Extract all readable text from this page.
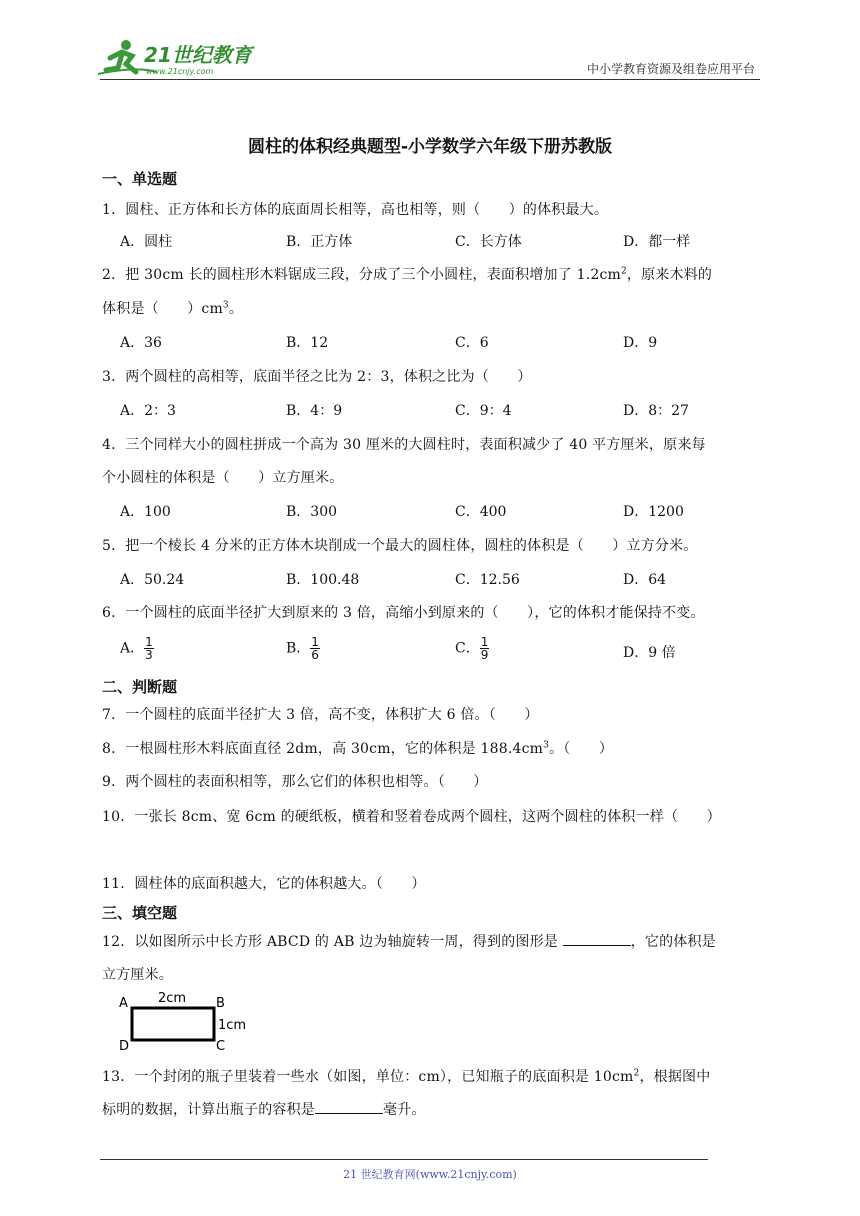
21世纪教育
www.21cnjy.com	中小学教育资源及组卷应用平台
圆柱的体积经典题型-小学数学六年级下册苏教版
一、单选题
1．圆柱、正方体和长方体的底面周长相等，高也相等，则（　　）的体积最大。
A．圆柱	B．正方体	C．长方体	D．都一样
2．把 30cm 长的圆柱形木料锯成三段，分成了三个小圆柱，表面积增加了 $1.2cm^2$，原来木料的
体积是（　　）$cm^3$。
A．36	B．12	C．6	D．9
3．两个圆柱的高相等，底面半径之比为 2：3，体积之比为（　　）
A．2：3	B．4：9	C．9：4	D．8：27
4．三个同样大小的圆柱拼成一个高为 30 厘米的大圆柱时，表面积减少了 40 平方厘米，原来每
个小圆柱的体积是（　　）立方厘米。
A．100	B．300	C．400	D．1200
5．把一个棱长 4 分米的正方体木块削成一个最大的圆柱体，圆柱的体积是（　　）立方分米。
A．50.24	B．100.48	C．12.56	D．64
6．一个圆柱的底面半径扩大到原来的 3 倍，高缩小到原来的（　　），它的体积才能保持不变。
A． $\frac{1}{3}$	B． $\frac{1}{6}$	C． $\frac{1}{9}$	D．9 倍
二、判断题
7．一个圆柱的底面半径扩大 3 倍，高不变，体积扩大 6 倍。（　　）
8．一根圆柱形木料底面直径 2dm，高 30cm，它的体积是 $188.4cm^3$。（　　）
9．两个圆柱的表面积相等，那么它们的体积也相等。（　　）
10．一张长 8cm、宽 6cm 的硬纸板，横着和竖着卷成两个圆柱，这两个圆柱的体积一样（　　）
11．圆柱体的底面积越大，它的体积越大。（　　）
三、填空题
12．以如图所示中长方形 ABCD 的 AB 边为轴旋转一周，得到的图形是	，它的体积是
立方厘米。
A	B
C
D
2cm
1cm
13．一个封闭的瓶子里装着一些水（如图，单位：cm），已知瓶子的底面积是 $10cm^2$，根据图中
标明的数据，计算出瓶子的容积是	毫升。
21 世纪教育网(www.21cnjy.com)
